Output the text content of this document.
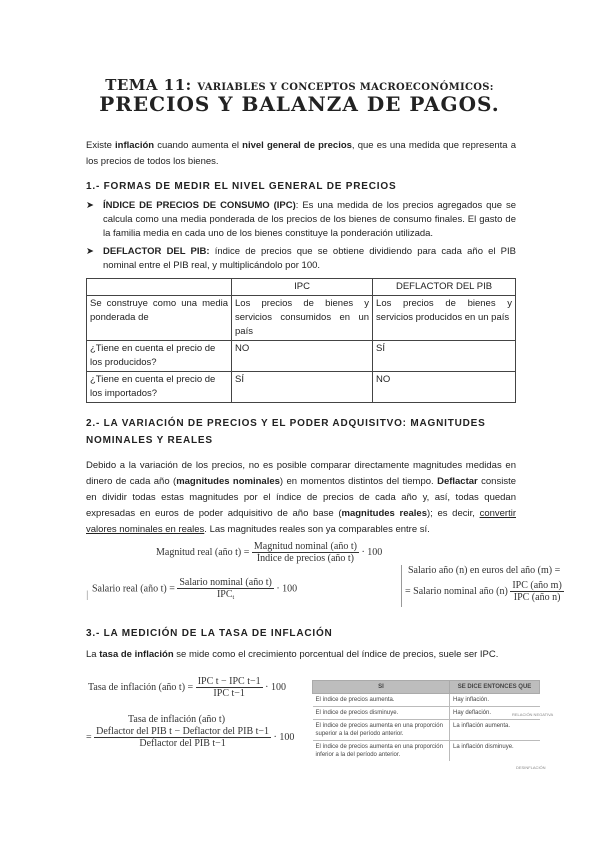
TEMA 11: VARIABLES Y CONCEPTOS MACROECONÓMICOS:
PRECIOS Y BALANZA DE PAGOS.
Existe inflación cuando aumenta el nivel general de precios, que es una medida que representa a los precios de todos los bienes.
1.- FORMAS DE MEDIR EL NIVEL GENERAL DE PRECIOS
➤ ÍNDICE DE PRECIOS DE CONSUMO (IPC): Es una medida de los precios agregados que se calcula como una media ponderada de los precios de los bienes de consumo finales. El gasto de la familia media en cada uno de los bienes constituye la ponderación utilizada.
➤ DEFLACTOR DEL PIB: índice de precios que se obtiene dividiendo para cada año el PIB nominal entre el PIB real, y multiplicándolo por 100.
	IPC	DEFLACTOR DEL PIB
Se construye como una media ponderada de	Los precios de bienes y servicios consumidos en un país	Los precios de bienes y servicios producidos en un país
¿Tiene en cuenta el precio de los producidos?	NO	SÍ
¿Tiene en cuenta el precio de los importados?	SÍ	NO
2.- LA VARIACIÓN DE PRECIOS Y EL PODER ADQUISITVO: MAGNITUDES
NOMINALES Y REALES
Debido a la variación de los precios, no es posible comparar directamente magnitudes medidas en dinero de cada año (magnitudes nominales) en momentos distintos del tiempo. Deflactar consiste en dividir todas estas magnitudes por el índice de precios de cada año y, así, todas quedan expresadas en euros de poder adquisitivo de año base (magnitudes reales); es decir, convertir valores nominales en reales. Las magnitudes reales son ya comparables entre sí.
Magnitud real (año $t) = \frac{\text{Magnitud nominal (año t)}}{\text{Índice de precios (año t)}} \cdot 100$
Salario real (año $t) = \frac{\text{Salario nominal (año t)}}{IPC_t} \cdot 100$
|
Salario año (n) en euros del año (m) =
= Salario nominal año $(n) \frac{\text{IPC (año m)}}{\text{IPC (año n)}}$
3.- LA MEDICIÓN DE LA TASA DE INFLACIÓN
La tasa de inflación se mide como el crecimiento porcentual del índice de precios, suele ser IPC.
Tasa de inflación (año $t) = \frac{\text{IPC t − IPC t−1}}{\text{IPC t−1}} \cdot 100$
Tasa de inflación (año t)
= $\frac{\text{Deflactor del PIB t − Deflactor del PIB t−1}}{\text{Deflactor del PIB t−1}} \cdot 100$
SI	SE DICE ENTONCES QUE
El índice de precios aumenta.	Hay inflación.
El índice de precios disminuye.	Hay deflación.
El índice de precios aumenta en una proporción superior a la del período anterior.	La inflación aumenta.
El índice de precios aumenta en una proporción inferior a la del período anterior.	La inflación disminuye.
RELACIÓN NEGATIVA
DESINFLACIÓN
